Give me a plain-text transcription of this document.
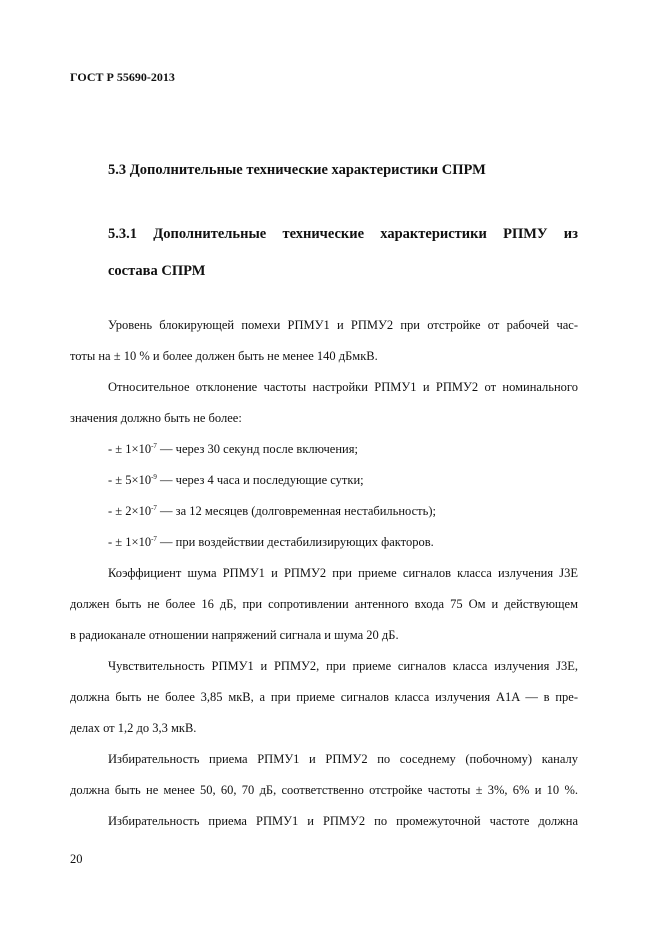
ГОСТ Р 55690-2013
5.3 Дополнительные технические характеристики СПРМ
5.3.1 Дополнительные технические характеристики РПМУ из
состава СПРМ
Уровень блокирующей помехи РПМУ1 и РПМУ2 при отстройке от рабочей час-
тоты на ± 10 % и более должен быть не менее 140 дБмкВ.
Относительное отклонение частоты настройки РПМУ1 и РПМУ2 от номинального
значения должно быть не более:
- ± $1\times 10^{-7}$ — через 30 секунд после включения;
- ± $5\times 10^{-9}$ — через 4 часа и последующие сутки;
- ± $2\times 10^{-7}$ — за 12 месяцев (долговременная нестабильность);
- ± $1\times 10^{-7}$ — при воздействии дестабилизирующих факторов.
Коэффициент шума РПМУ1 и РПМУ2 при приеме сигналов класса излучения J3E
должен быть не более 16 дБ, при сопротивлении антенного входа 75 Ом и действующем
в радиоканале отношении напряжений сигнала и шума 20 дБ.
Чувствительность РПМУ1 и РПМУ2, при приеме сигналов класса излучения J3E,
должна быть не более 3,85 мкВ, а при приеме сигналов класса излучения A1A — в пре-
делах от 1,2 до 3,3 мкВ.
Избирательность приема РПМУ1 и РПМУ2 по соседнему (побочному) каналу
должна быть не менее 50, 60, 70 дБ, соответственно отстройке частоты ± 3%, 6% и 10 %.
Избирательность приема РПМУ1 и РПМУ2 по промежуточной частоте должна
20
